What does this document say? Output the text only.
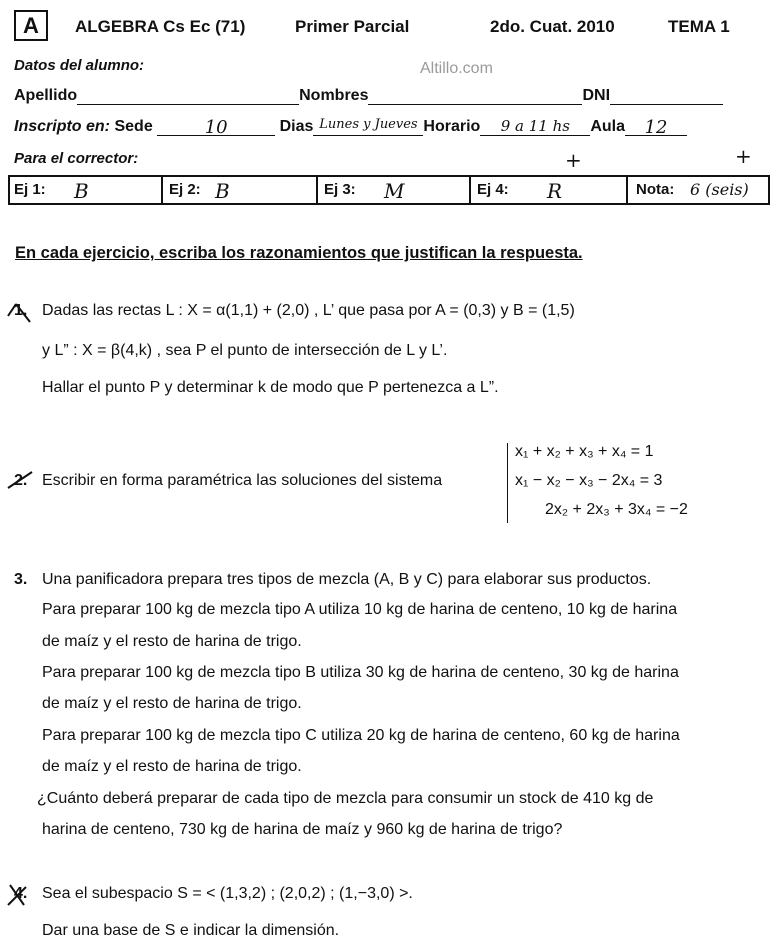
A	ALGEBRA Cs Ec (71)	Primer Parcial	2do. Cuat. 2010	TEMA 1
Altillo.com
Datos del alumno:
Apellido	Nombres	DNI
Inscripto en: Sede	10	Dias Lunes y Jueves Horario 9 a 11 hs Aula 12
Para el corrector:	+	+
Ej 1: B	Ej 2: B	Ej 3: M	Ej 4: R	Nota: 6 (seis)
En cada ejercicio, escriba los razonamientos que justifican la respuesta.
1. Dadas las rectas L : X = α(1,1) + (2,0) , L’ que pasa por A = (0,3) y B = (1,5)
y L” : X = β(4,k) , sea P el punto de intersección de L y L’.
Hallar el punto P y determinar k de modo que P pertenezca a L”.
2. Escribir en forma paramétrica las soluciones del sistema
x₁ + x₂ + x₃ + x₄ = 1
x₁ − x₂ − x₃ − 2x₄ = 3
2x₂ + 2x₃ + 3x₄ = −2
3. Una panificadora prepara tres tipos de mezcla (A, B y C) para elaborar sus productos.
Para preparar 100 kg de mezcla tipo A utiliza 10 kg de harina de centeno, 10 kg de harina
de maíz y el resto de harina de trigo.
Para preparar 100 kg de mezcla tipo B utiliza 30 kg de harina de centeno, 30 kg de harina
de maíz y el resto de harina de trigo.
Para preparar 100 kg de mezcla tipo C utiliza 20 kg de harina de centeno, 60 kg de harina
de maíz y el resto de harina de trigo.
¿Cuánto deberá preparar de cada tipo de mezcla para consumir un stock de 410 kg de
harina de centeno, 730 kg de harina de maíz y 960 kg de harina de trigo?
4. Sea el subespacio S = < (1,3,2) ; (2,0,2) ; (1,−3,0) >.
Dar una base de S e indicar la dimensión.
